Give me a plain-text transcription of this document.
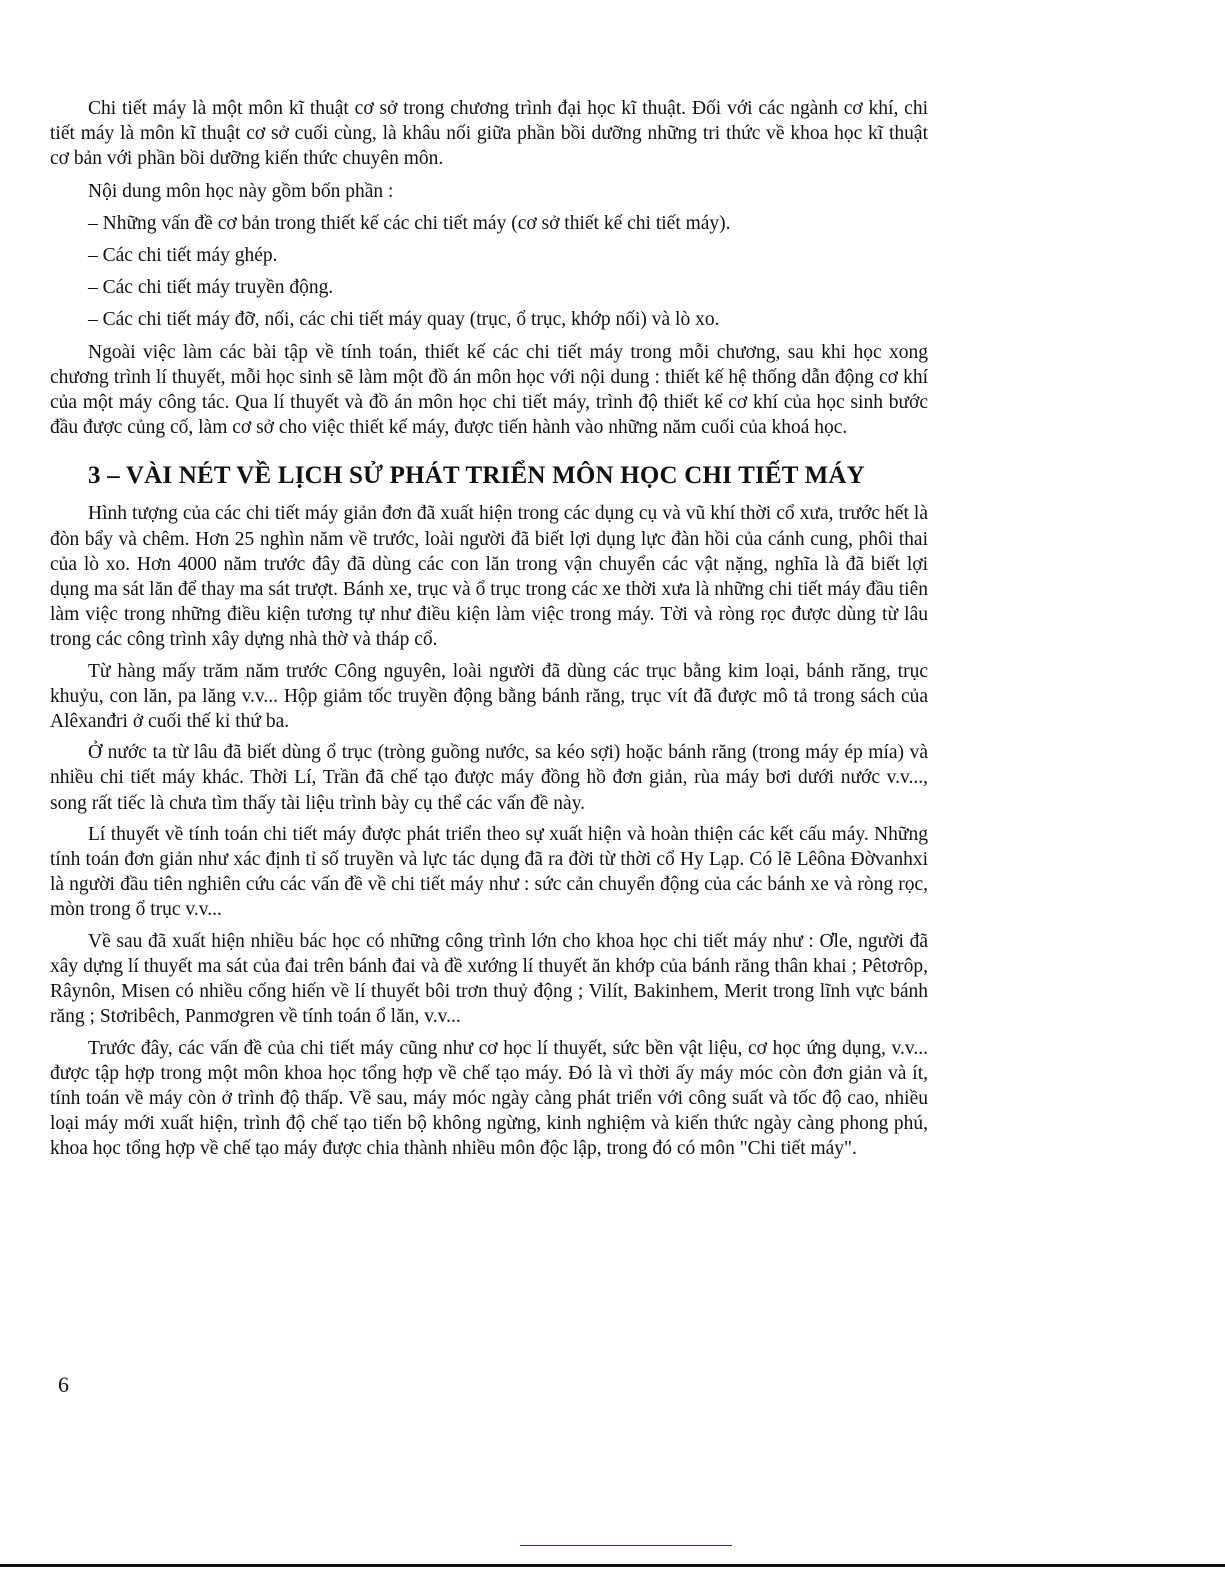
Chi tiết máy là một môn kĩ thuật cơ sở trong chương trình đại học kĩ thuật. Đối với các ngành cơ khí, chi tiết máy là môn kĩ thuật cơ sở cuối cùng, là khâu nối giữa phần bồi dưỡng những tri thức về khoa học kĩ thuật cơ bản với phần bồi dưỡng kiến thức chuyên môn.

Nội dung môn học này gồm bốn phần :

– Những vấn đề cơ bản trong thiết kế các chi tiết máy (cơ sở thiết kế chi tiết máy).

– Các chi tiết máy ghép.

– Các chi tiết máy truyền động.

– Các chi tiết máy đỡ, nối, các chi tiết máy quay (trục, ổ trục, khớp nối) và lò xo.

Ngoài việc làm các bài tập về tính toán, thiết kế các chi tiết máy trong mỗi chương, sau khi học xong chương trình lí thuyết, mỗi học sinh sẽ làm một đồ án môn học với nội dung : thiết kế hệ thống dẫn động cơ khí của một máy công tác. Qua lí thuyết và đồ án môn học chi tiết máy, trình độ thiết kế cơ khí của học sinh bước đầu được củng cố, làm cơ sở cho việc thiết kế máy, được tiến hành vào những năm cuối của khoá học.

3 – VÀI NÉT VỀ LỊCH SỬ PHÁT TRIỂN MÔN HỌC CHI TIẾT MÁY

Hình tượng của các chi tiết máy giản đơn đã xuất hiện trong các dụng cụ và vũ khí thời cổ xưa, trước hết là đòn bẩy và chêm. Hơn 25 nghìn năm về trước, loài người đã biết lợi dụng lực đàn hồi của cánh cung, phôi thai của lò xo. Hơn 4000 năm trước đây đã dùng các con lăn trong vận chuyển các vật nặng, nghĩa là đã biết lợi dụng ma sát lăn để thay ma sát trượt. Bánh xe, trục và ổ trục trong các xe thời xưa là những chi tiết máy đầu tiên làm việc trong những điều kiện tương tự như điều kiện làm việc trong máy. Tời và ròng rọc được dùng từ lâu trong các công trình xây dựng nhà thờ và tháp cổ.

Từ hàng mấy trăm năm trước Công nguyên, loài người đã dùng các trục bằng kim loại, bánh răng, trục khuỷu, con lăn, pa lăng v.v... Hộp giảm tốc truyền động bằng bánh răng, trục vít đã được mô tả trong sách của Alêxanđri ở cuối thế kỉ thứ ba.

Ở nước ta từ lâu đã biết dùng ổ trục (tròng guồng nước, sa kéo sợi) hoặc bánh răng (trong máy ép mía) và nhiều chi tiết máy khác. Thời Lí, Trần đã chế tạo được máy đồng hồ đơn giản, rùa máy bơi dưới nước v.v..., song rất tiếc là chưa tìm thấy tài liệu trình bày cụ thể các vấn đề này.

Lí thuyết về tính toán chi tiết máy được phát triển theo sự xuất hiện và hoàn thiện các kết cấu máy. Những tính toán đơn giản như xác định tỉ số truyền và lực tác dụng đã ra đời từ thời cổ Hy Lạp. Có lẽ Lêôna Đờvanhxi là người đầu tiên nghiên cứu các vấn đề về chi tiết máy như : sức cản chuyển động của các bánh xe và ròng rọc, mòn trong ổ trục v.v...

Về sau đã xuất hiện nhiều bác học có những công trình lớn cho khoa học chi tiết máy như : Ơle, người đã xây dựng lí thuyết ma sát của đai trên bánh đai và đề xướng lí thuyết ăn khớp của bánh răng thân khai ; Pêtơrôp, Râynôn, Misen có nhiều cống hiến về lí thuyết bôi trơn thuỷ động ; Vilít, Bakinhem, Merit trong lĩnh vực bánh răng ; Stơribêch, Panmơgren về tính toán ổ lăn, v.v...

Trước đây, các vấn đề của chi tiết máy cũng như cơ học lí thuyết, sức bền vật liệu, cơ học ứng dụng, v.v... được tập hợp trong một môn khoa học tổng hợp về chế tạo máy. Đó là vì thời ấy máy móc còn đơn giản và ít, tính toán về máy còn ở trình độ thấp. Về sau, máy móc ngày càng phát triển với công suất và tốc độ cao, nhiều loại máy mới xuất hiện, trình độ chế tạo tiến bộ không ngừng, kinh nghiệm và kiến thức ngày càng phong phú, khoa học tổng hợp về chế tạo máy được chia thành nhiều môn độc lập, trong đó có môn "Chi tiết máy".

6
